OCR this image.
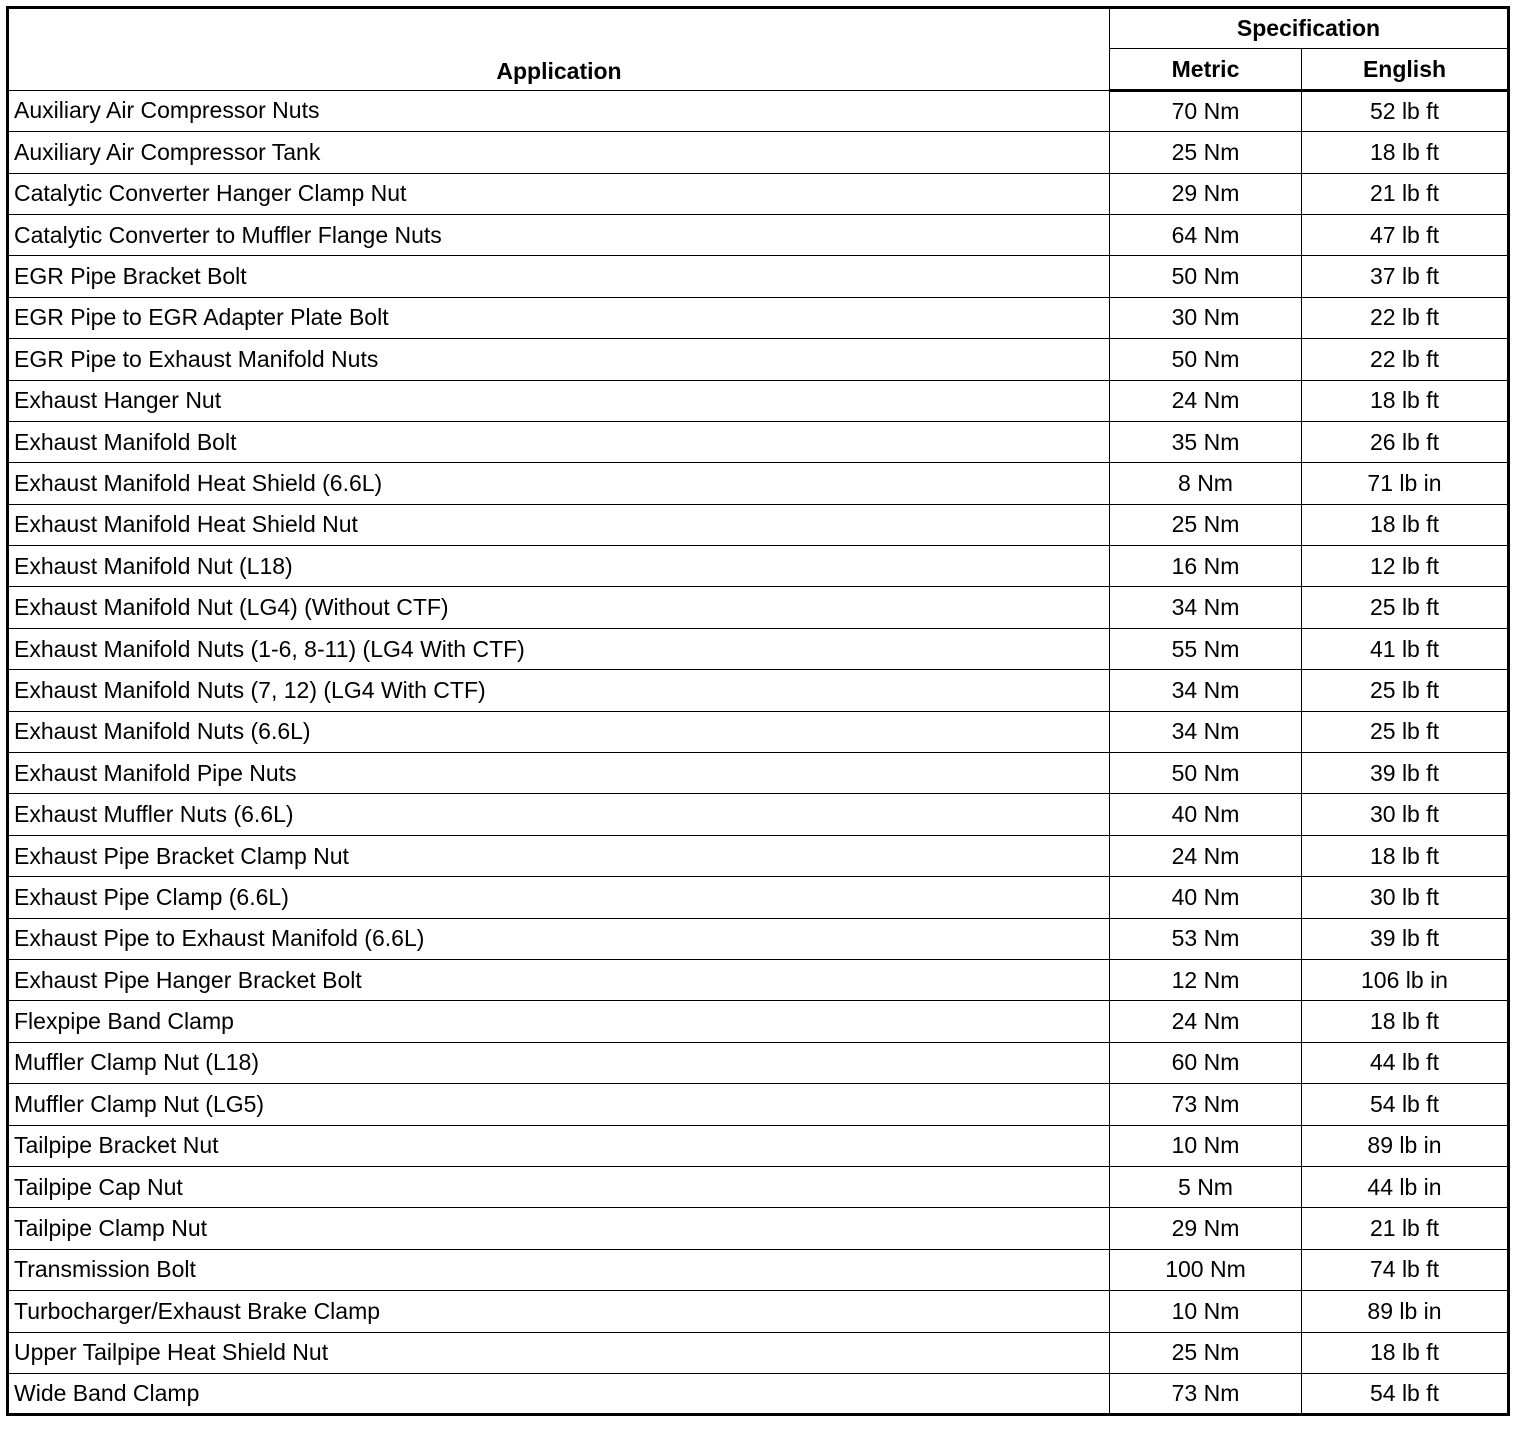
Application	Specification	
	Metric	English
Auxiliary Air Compressor Nuts	70 Nm	52 lb ft
Auxiliary Air Compressor Tank	25 Nm	18 lb ft
Catalytic Converter Hanger Clamp Nut	29 Nm	21 lb ft
Catalytic Converter to Muffler Flange Nuts	64 Nm	47 lb ft
EGR Pipe Bracket Bolt	50 Nm	37 lb ft
EGR Pipe to EGR Adapter Plate Bolt	30 Nm	22 lb ft
EGR Pipe to Exhaust Manifold Nuts	50 Nm	22 lb ft
Exhaust Hanger Nut	24 Nm	18 lb ft
Exhaust Manifold Bolt	35 Nm	26 lb ft
Exhaust Manifold Heat Shield (6.6L)	8 Nm	71 lb in
Exhaust Manifold Heat Shield Nut	25 Nm	18 lb ft
Exhaust Manifold Nut (L18)	16 Nm	12 lb ft
Exhaust Manifold Nut (LG4) (Without CTF)	34 Nm	25 lb ft
Exhaust Manifold Nuts (1-6, 8-11) (LG4 With CTF)	55 Nm	41 lb ft
Exhaust Manifold Nuts (7, 12) (LG4 With CTF)	34 Nm	25 lb ft
Exhaust Manifold Nuts (6.6L)	34 Nm	25 lb ft
Exhaust Manifold Pipe Nuts	50 Nm	39 lb ft
Exhaust Muffler Nuts (6.6L)	40 Nm	30 lb ft
Exhaust Pipe Bracket Clamp Nut	24 Nm	18 lb ft
Exhaust Pipe Clamp (6.6L)	40 Nm	30 lb ft
Exhaust Pipe to Exhaust Manifold (6.6L)	53 Nm	39 lb ft
Exhaust Pipe Hanger Bracket Bolt	12 Nm	106 lb in
Flexpipe Band Clamp	24 Nm	18 lb ft
Muffler Clamp Nut (L18)	60 Nm	44 lb ft
Muffler Clamp Nut (LG5)	73 Nm	54 lb ft
Tailpipe Bracket Nut	10 Nm	89 lb in
Tailpipe Cap Nut	5 Nm	44 lb in
Tailpipe Clamp Nut	29 Nm	21 lb ft
Transmission Bolt	100 Nm	74 lb ft
Turbocharger/Exhaust Brake Clamp	10 Nm	89 lb in
Upper Tailpipe Heat Shield Nut	25 Nm	18 lb ft
Wide Band Clamp	73 Nm	54 lb ft
